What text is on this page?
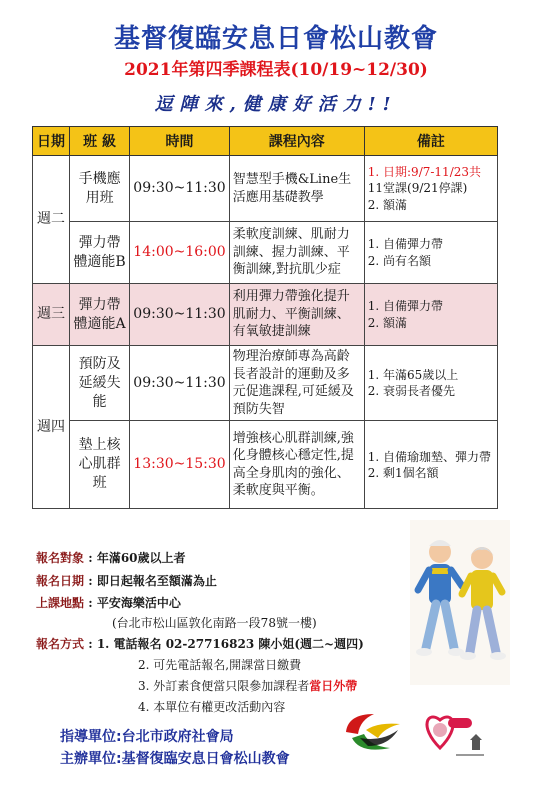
基督復臨安息日會松山教會
2021年第四季課程表(10/19~12/30)
逗陣來,健康好活力!!
日期	班 級	時間	課程內容	備註
週二	手機應用班	09:30~11:30	智慧型手機&Line生活應用基礎教學	1. 日期:9/7-11/23共
11堂課(9/21停課)
2. 額滿
	彈力帶體適能B	14:00~16:00	柔軟度訓練、肌耐力訓練、握力訓練、平衡訓練,對抗肌少症	1. 自備彈力帶
2. 尚有名額
週三	彈力帶體適能A	09:30~11:30	利用彈力帶強化提升肌耐力、平衡訓練、有氧敏捷訓練	1. 自備彈力帶
2. 額滿
週四	預防及延緩失能	09:30~11:30	物理治療師專為高齡長者設計的運動及多元促進課程,可延緩及預防失智	1. 年滿65歲以上
2. 衰弱長者優先
	墊上核心肌群班	13:30~15:30	增強核心肌群訓練,強化身體核心穩定性,提高全身肌肉的強化、柔軟度與平衡。	1. 自備瑜珈墊、彈力帶
2. 剩1個名額
報名對象 : 年滿60歲以上者
報名日期 : 即日起報名至額滿為止
上課地點 : 平安海樂活中心
(台北市松山區敦化南路一段78號一樓)
報名方式 : 1. 電話報名 02-27716823 陳小姐(週二~週四)
2. 可先電話報名,開課當日繳費
3. 外訂素食便當只限參加課程者當日外帶
4. 本單位有權更改活動內容
指導單位:台北市政府社會局
主辦單位:基督復臨安息日會松山教會
